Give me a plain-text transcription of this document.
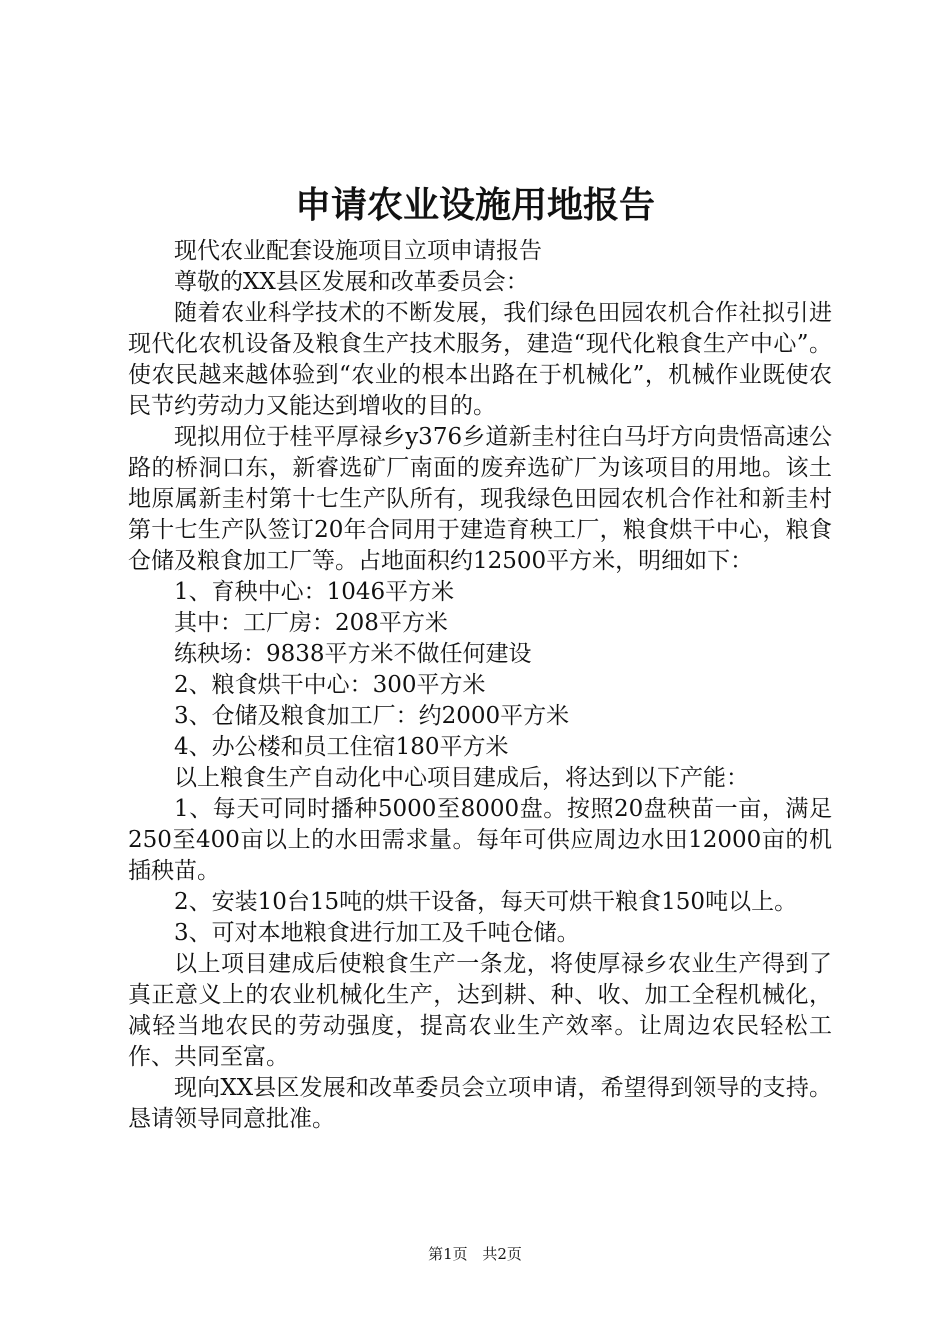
申请农业设施用地报告

现代农业配套设施项目立项申请报告

尊敬的XX县区发展和改革委员会：

随着农业科学技术的不断发展，我们绿色田园农机合作社拟引进现代化农机设备及粮食生产技术服务，建造“现代化粮食生产中心”。使农民越来越体验到“农业的根本出路在于机械化”，机械作业既使农民节约劳动力又能达到增收的目的。

现拟用位于桂平厚禄乡y376乡道新圭村往白马圩方向贵悟高速公路的桥洞口东，新睿选矿厂南面的废弃选矿厂为该项目的用地。该土地原属新圭村第十七生产队所有，现我绿色田园农机合作社和新圭村第十七生产队签订20年合同用于建造育秧工厂，粮食烘干中心，粮食仓储及粮食加工厂等。占地面积约12500平方米，明细如下：

1、育秧中心：1046平方米

其中：工厂房：208平方米

练秧场：9838平方米不做任何建设

2、粮食烘干中心：300平方米

3、仓储及粮食加工厂：约2000平方米

4、办公楼和员工住宿180平方米

以上粮食生产自动化中心项目建成后，将达到以下产能：

1、每天可同时播种5000至8000盘。按照20盘秧苗一亩，满足250至400亩以上的水田需求量。每年可供应周边水田12000亩的机插秧苗。

2、安装10台15吨的烘干设备，每天可烘干粮食150吨以上。

3、可对本地粮食进行加工及千吨仓储。

以上项目建成后使粮食生产一条龙，将使厚禄乡农业生产得到了真正意义上的农业机械化生产，达到耕、种、收、加工全程机械化，减轻当地农民的劳动强度，提高农业生产效率。让周边农民轻松工作、共同至富。

现向XX县区发展和改革委员会立项申请，希望得到领导的支持。恳请领导同意批准。

第1页 共2页
